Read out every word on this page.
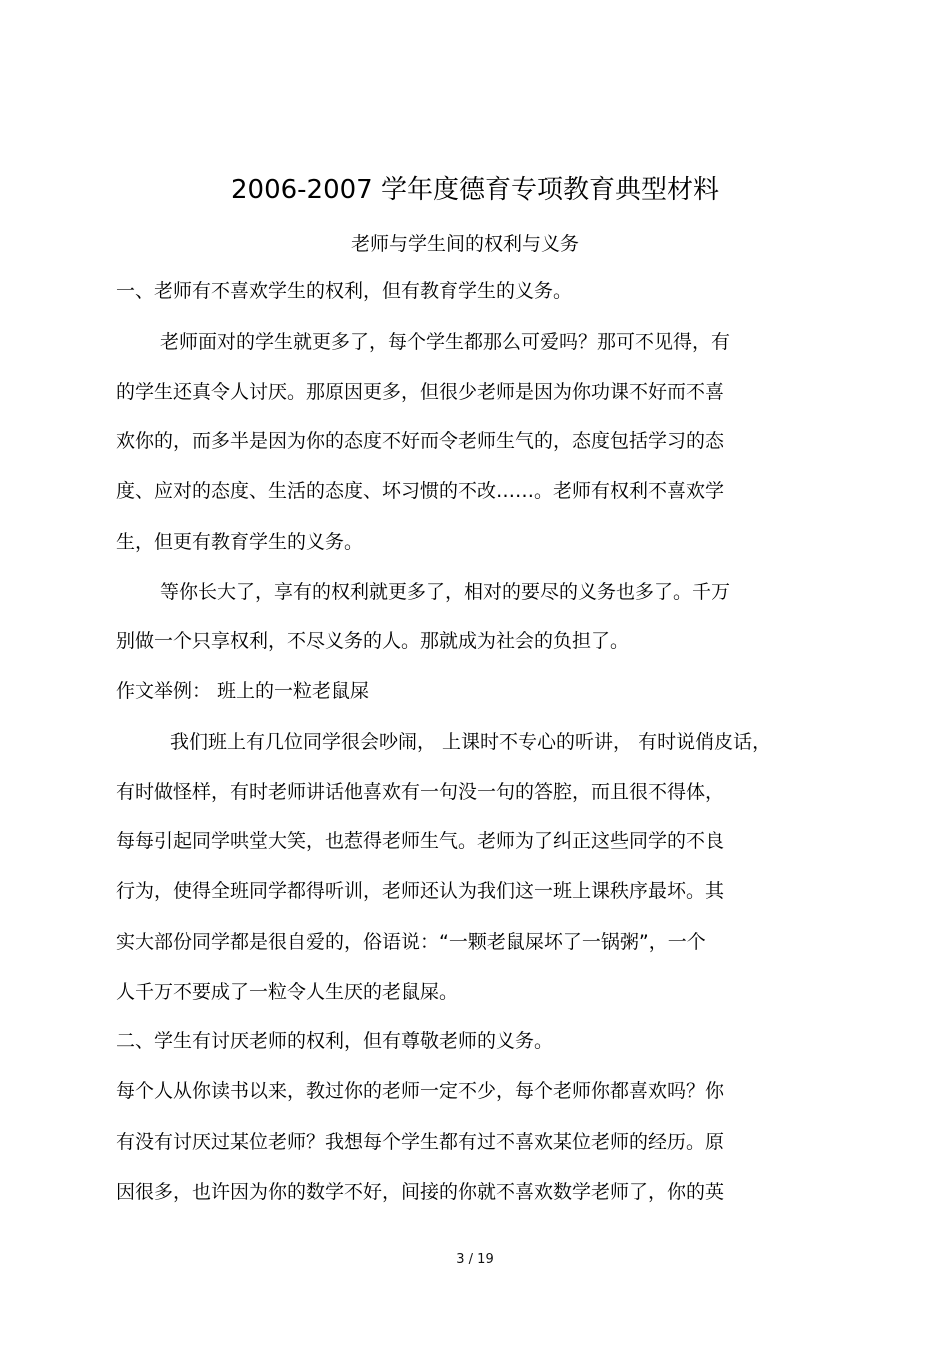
2006-2007 学年度德育专项教育典型材料
老师与学生间的权利与义务
一、老师有不喜欢学生的权利，但有教育学生的义务。
老师面对的学生就更多了，每个学生都那么可爱吗？那可不见得，有
的学生还真令人讨厌。那原因更多，但很少老师是因为你功课不好而不喜
欢你的，而多半是因为你的态度不好而令老师生气的，态度包括学习的态
度、应对的态度、生活的态度、坏习惯的不改……。老师有权利不喜欢学
生，但更有教育学生的义务。
等你长大了，享有的权利就更多了，相对的要尽的义务也多了。千万
别做一个只享权利，不尽义务的人。那就成为社会的负担了。
作文举例： 班上的一粒老鼠屎
我们班上有几位同学很会吵闹， 上课时不专心的听讲， 有时说俏皮话，
有时做怪样，有时老师讲话他喜欢有一句没一句的答腔，而且很不得体，
每每引起同学哄堂大笑，也惹得老师生气。老师为了纠正这些同学的不良
行为，使得全班同学都得听训，老师还认为我们这一班上课秩序最坏。其
实大部份同学都是很自爱的，俗语说：“一颗老鼠屎坏了一锅粥”，一个
人千万不要成了一粒令人生厌的老鼠屎。
二、学生有讨厌老师的权利，但有尊敬老师的义务。
每个人从你读书以来，教过你的老师一定不少，每个老师你都喜欢吗？你
有没有讨厌过某位老师？我想每个学生都有过不喜欢某位老师的经历。原
因很多，也许因为你的数学不好，间接的你就不喜欢数学老师了，你的英
3 / 19
